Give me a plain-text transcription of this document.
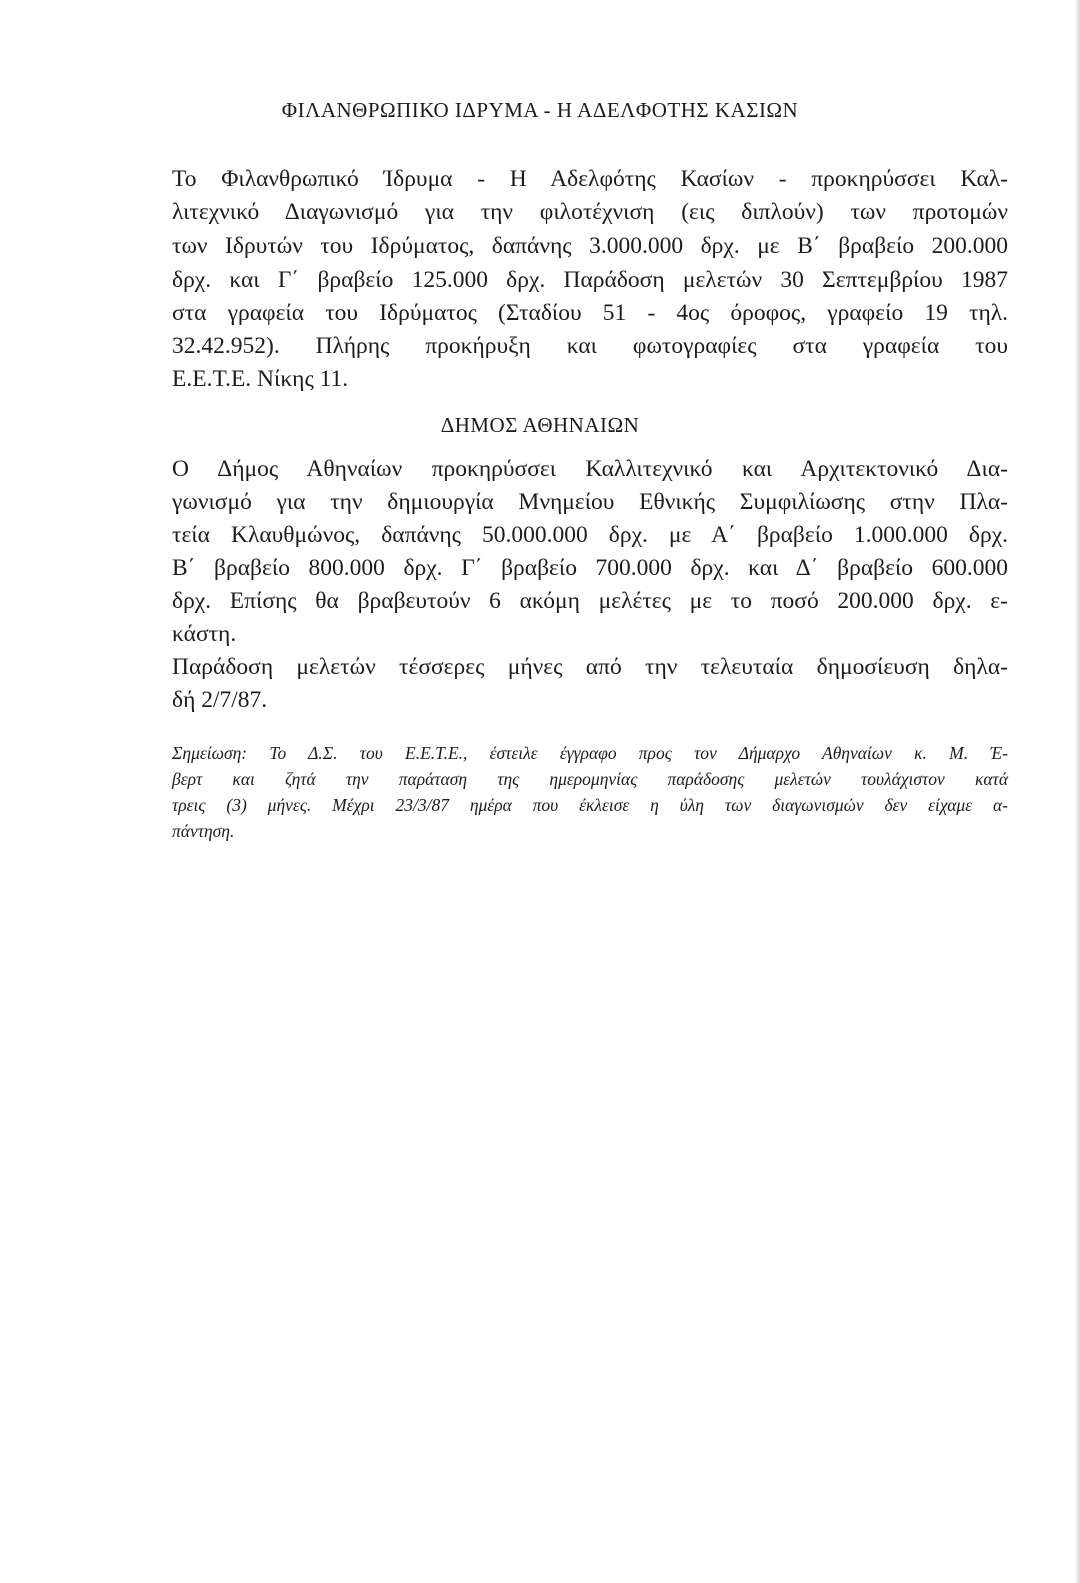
ΦΙΛΑΝΘΡΩΠΙΚΟ ΙΔΡΥΜΑ - Η ΑΔΕΛΦΟΤΗΣ ΚΑΣΙΩΝ
Το Φιλανθρωπικό Ίδρυμα - Η Αδελφότης Κασίων - προκηρύσσει Καλ-
λιτεχνικό Διαγωνισμό για την φιλοτέχνιση (εις διπλούν) των προτομών
των Ιδρυτών του Ιδρύματος, δαπάνης 3.000.000 δρχ. με Β΄ βραβείο 200.000
δρχ. και Γ΄ βραβείο 125.000 δρχ. Παράδοση μελετών 30 Σεπτεμβρίου 1987
στα γραφεία του Ιδρύματος (Σταδίου 51 - 4ος όροφος, γραφείο 19 τηλ.
32.42.952). Πλήρης προκήρυξη και φωτογραφίες στα γραφεία του
Ε.Ε.Τ.Ε. Νίκης 11.
ΔΗΜΟΣ ΑΘΗΝΑΙΩΝ
Ο Δήμος Αθηναίων προκηρύσσει Καλλιτεχνικό και Αρχιτεκτονικό Δια-
γωνισμό για την δημιουργία Μνημείου Εθνικής Συμφιλίωσης στην Πλα-
τεία Κλαυθμώνος, δαπάνης 50.000.000 δρχ. με Α΄ βραβείο 1.000.000 δρχ.
Β΄ βραβείο 800.000 δρχ. Γ΄ βραβείο 700.000 δρχ. και Δ΄ βραβείο 600.000
δρχ. Επίσης θα βραβευτούν 6 ακόμη μελέτες με το ποσό 200.000 δρχ. ε-
κάστη.
Παράδοση μελετών τέσσερες μήνες από την τελευταία δημοσίευση δηλα-
δή 2/7/87.
Σημείωση: Το Δ.Σ. του Ε.Ε.Τ.Ε., έστειλε έγγραφο προς τον Δήμαρχο Αθηναίων κ. Μ. Έ-
βερτ και ζητά την παράταση της ημερομηνίας παράδοσης μελετών τουλάχιστον κατά
τρεις (3) μήνες. Μέχρι 23/3/87 ημέρα που έκλεισε η ύλη των διαγωνισμών δεν είχαμε α-
πάντηση.
